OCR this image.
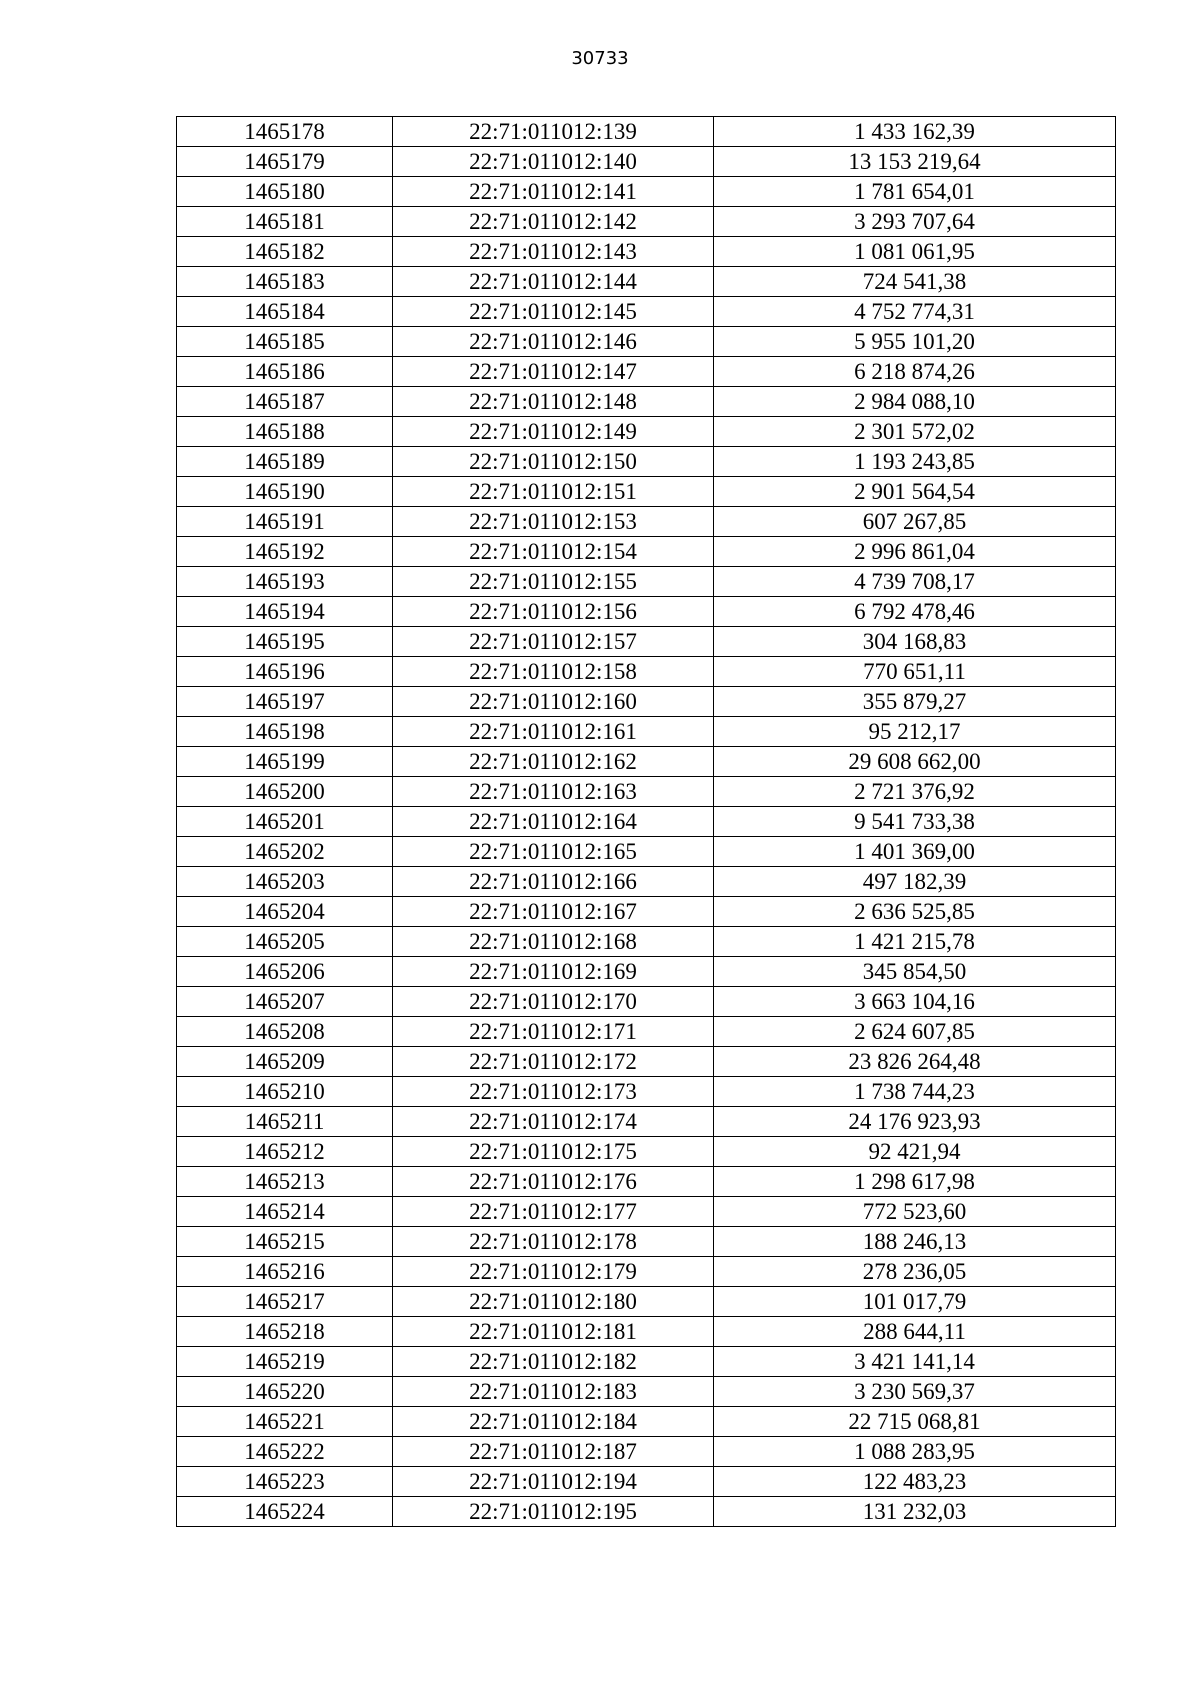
30733
1465178	22:71:011012:139	1 433 162,39
1465179	22:71:011012:140	13 153 219,64
1465180	22:71:011012:141	1 781 654,01
1465181	22:71:011012:142	3 293 707,64
1465182	22:71:011012:143	1 081 061,95
1465183	22:71:011012:144	724 541,38
1465184	22:71:011012:145	4 752 774,31
1465185	22:71:011012:146	5 955 101,20
1465186	22:71:011012:147	6 218 874,26
1465187	22:71:011012:148	2 984 088,10
1465188	22:71:011012:149	2 301 572,02
1465189	22:71:011012:150	1 193 243,85
1465190	22:71:011012:151	2 901 564,54
1465191	22:71:011012:153	607 267,85
1465192	22:71:011012:154	2 996 861,04
1465193	22:71:011012:155	4 739 708,17
1465194	22:71:011012:156	6 792 478,46
1465195	22:71:011012:157	304 168,83
1465196	22:71:011012:158	770 651,11
1465197	22:71:011012:160	355 879,27
1465198	22:71:011012:161	95 212,17
1465199	22:71:011012:162	29 608 662,00
1465200	22:71:011012:163	2 721 376,92
1465201	22:71:011012:164	9 541 733,38
1465202	22:71:011012:165	1 401 369,00
1465203	22:71:011012:166	497 182,39
1465204	22:71:011012:167	2 636 525,85
1465205	22:71:011012:168	1 421 215,78
1465206	22:71:011012:169	345 854,50
1465207	22:71:011012:170	3 663 104,16
1465208	22:71:011012:171	2 624 607,85
1465209	22:71:011012:172	23 826 264,48
1465210	22:71:011012:173	1 738 744,23
1465211	22:71:011012:174	24 176 923,93
1465212	22:71:011012:175	92 421,94
1465213	22:71:011012:176	1 298 617,98
1465214	22:71:011012:177	772 523,60
1465215	22:71:011012:178	188 246,13
1465216	22:71:011012:179	278 236,05
1465217	22:71:011012:180	101 017,79
1465218	22:71:011012:181	288 644,11
1465219	22:71:011012:182	3 421 141,14
1465220	22:71:011012:183	3 230 569,37
1465221	22:71:011012:184	22 715 068,81
1465222	22:71:011012:187	1 088 283,95
1465223	22:71:011012:194	122 483,23
1465224	22:71:011012:195	131 232,03
